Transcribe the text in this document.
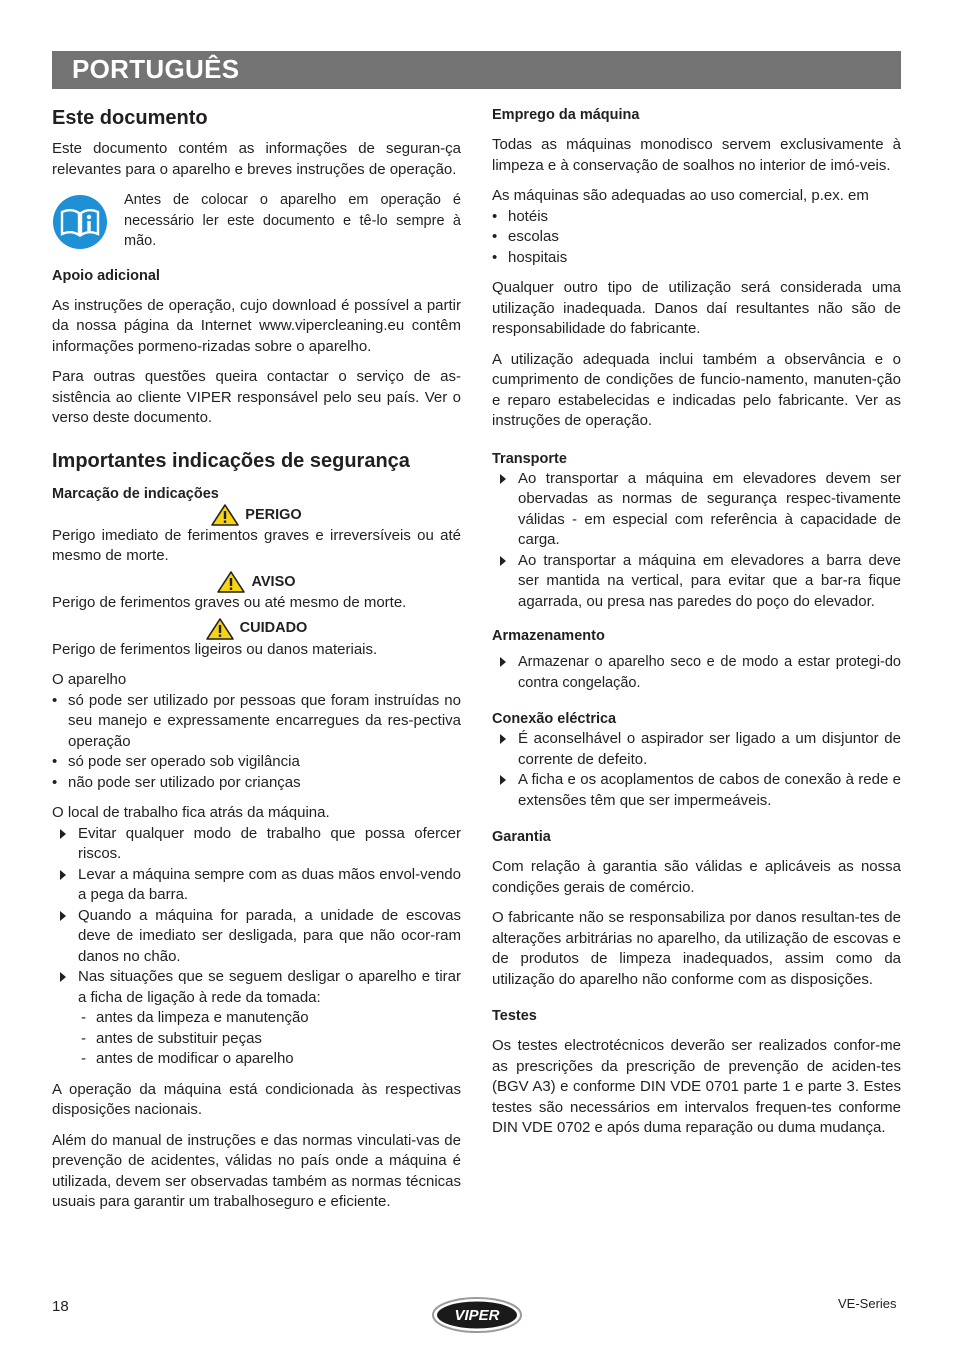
PORTUGUÊS
Este documento

Este documento contém as informações de seguran-ça relevantes para o aparelho e breves instruções de operação.

Antes de colocar o aparelho em operação é necessário ler este documento e tê-lo sempre à mão.

Apoio adicional

As instruções de operação, cujo download é possível a partir da nossa página da Internet www.vipercleaning.eu contêm informações pormeno-rizadas sobre o aparelho.

Para outras questões queira contactar o serviço de as-sistência ao cliente VIPER responsável pelo seu país. Ver o verso deste documento.

Importantes indicações de segurança
Marcação de indicações
PERIGO

Perigo imediato de ferimentos graves e irreversíveis ou até mesmo de morte.

AVISO

Perigo de ferimentos graves ou até mesmo de morte.

CUIDADO

Perigo de ferimentos ligeiros ou danos materiais.

O aparelho

• só pode ser utilizado por pessoas que foram instruídas no seu manejo e expressamente encarregues da res-pectiva operação
• só pode ser operado sob vigilância
• não pode ser utilizado por crianças

O local de trabalho fica atrás da máquina.

Evitar qualquer modo de trabalho que possa ofercer riscos.
Levar a máquina sempre com as duas mãos envol-vendo a pega da barra.
Quando a máquina for parada, a unidade de escovas deve de imediato ser desligada, para que não ocor-ram danos no chão.
Nas situações que se seguem desligar o aparelho e tirar a ficha de ligação à rede da tomada:
- antes da limpeza e manutenção
- antes de substituir peças
- antes de modificar o aparelho

A operação da máquina está condicionada às respectivas disposições nacionais.

Além do manual de instruções e das normas vinculati-vas de prevenção de acidentes, válidas no país onde a máquina é utilizada, devem ser observadas também as normas técnicas usuais para garantir um trabalhoseguro e eficiente.

Emprego da máquina

Todas as máquinas monodisco servem exclusivamente à limpeza e à conservação de soalhos no interior de imó-veis.

As máquinas são adequadas ao uso comercial, p.ex. em

• hotéis
• escolas
• hospitais

Qualquer outro tipo de utilização será considerada uma utilização inadequada. Danos daí resultantes não são de responsabilidade do fabricante.

A utilização adequada inclui também a observância e o cumprimento de condições de funcio-namento, manuten-ção e reparo estabelecidas e indicadas pelo fabricante. Ver as instruções de operação.

Transporte
Ao transportar a máquina em elevadores devem ser obervadas as normas de segurança respec-tivamente válidas - em especial com referência à capacidade de carga.
Ao transportar a máquina em elevadores a barra deve ser mantida na vertical, para evitar que a bar-ra fique agarrada, ou presa nas paredes do poço do elevador.
Armazenamento
Armazenar o aparelho seco e de modo a estar protegi-do contra congelação.
Conexão eléctrica
É aconselhável o aspirador ser ligado a um disjuntor de corrente de defeito.
A ficha e os acoplamentos de cabos de conexão à rede e extensões têm que ser impermeáveis.
Garantia

Com relação à garantia são válidas e aplicáveis as nossa condições gerais de comércio.

O fabricante não se responsabiliza por danos resultan-tes de alterações arbitrárias no aparelho, da utilização de escovas e de produtos de limpeza inadequados, assim como da utilização do aparelho não conforme com as disposições.

Testes

Os testes electrotécnicos deverão ser realizados confor-me as prescrições da prescrição de prevenção de aciden-tes (BGV A3) e conforme DIN VDE 0701 parte 1 e parte 3. Estes testes são necessários em intervalos frequen-tes conforme DIN VDE 0702 e após duma reparação ou duma mudança.

18
VIPER
VE-Series
